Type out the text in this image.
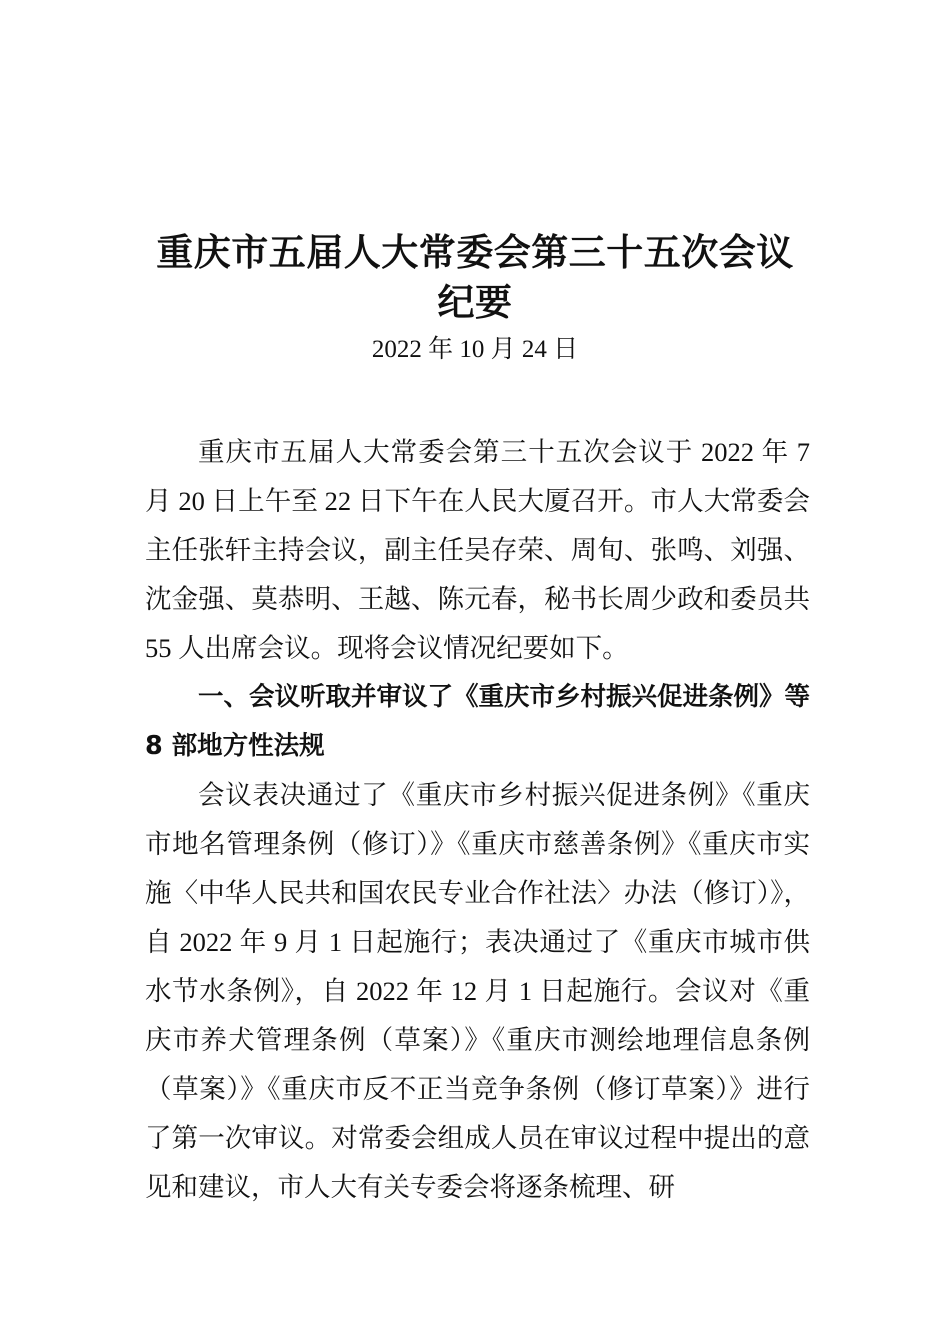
重庆市五届人大常委会第三十五次会议纪要

2022 年 10 月 24 日

重庆市五届人大常委会第三十五次会议于 2022 年 7 月 20 日上午至 22 日下午在人民大厦召开。市人大常委会主任张轩主持会议，副主任吴存荣、周旬、张鸣、刘强、沈金强、莫恭明、王越、陈元春，秘书长周少政和委员共 55 人出席会议。现将会议情况纪要如下。

一、会议听取并审议了《重庆市乡村振兴促进条例》等 8 部地方性法规

会议表决通过了《重庆市乡村振兴促进条例》《重庆市地名管理条例（修订）》《重庆市慈善条例》《重庆市实施〈中华人民共和国农民专业合作社法〉办法（修订）》，自 2022 年 9 月 1 日起施行；表决通过了《重庆市城市供水节水条例》，自 2022 年 12 月 1 日起施行。会议对《重庆市养犬管理条例（草案）》《重庆市测绘地理信息条例（草案）》《重庆市反不正当竞争条例（修订草案）》进行了第一次审议。对常委会组成人员在审议过程中提出的意见和建议，市人大有关专委会将逐条梳理、研
